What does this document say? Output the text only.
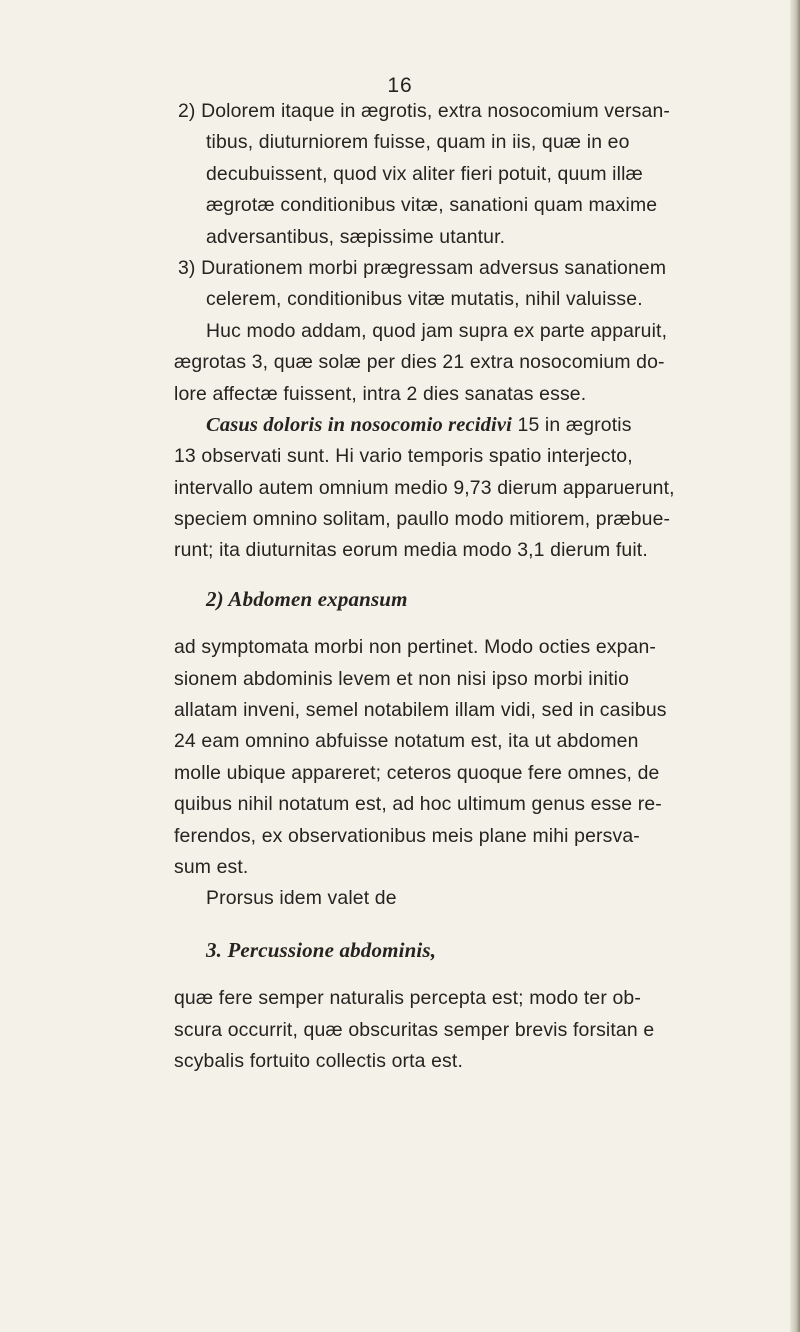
16
2) Dolorem itaque in ægrotis, extra nosocomium versan-
tibus, diuturniorem fuisse, quam in iis, quæ in eo
decubuissent, quod vix aliter fieri potuit, quum illæ
ægrotæ conditionibus vitæ, sanationi quam maxime
adversantibus, sæpissime utantur.
3) Durationem morbi prægressam adversus sanationem
celerem, conditionibus vitæ mutatis, nihil valuisse.
Huc modo addam, quod jam supra ex parte apparuit,
ægrotas 3, quæ solæ per dies 21 extra nosocomium do-
lore affectæ fuissent, intra 2 dies sanatas esse.
Casus doloris in nosocomio recidivi 15 in ægrotis
13 observati sunt. Hi vario temporis spatio interjecto,
intervallo autem omnium medio 9,73 dierum apparuerunt,
speciem omnino solitam, paullo modo mitiorem, præbue-
runt; ita diuturnitas eorum media modo 3,1 dierum fuit.
2) Abdomen expansum
ad symptomata morbi non pertinet. Modo octies expan-
sionem abdominis levem et non nisi ipso morbi initio
allatam inveni, semel notabilem illam vidi, sed in casibus
24 eam omnino abfuisse notatum est, ita ut abdomen
molle ubique appareret; ceteros quoque fere omnes, de
quibus nihil notatum est, ad hoc ultimum genus esse re-
ferendos, ex observationibus meis plane mihi persva-
sum est.
Prorsus idem valet de
3. Percussione abdominis,
quæ fere semper naturalis percepta est; modo ter ob-
scura occurrit, quæ obscuritas semper brevis forsitan e
scybalis fortuito collectis orta est.
